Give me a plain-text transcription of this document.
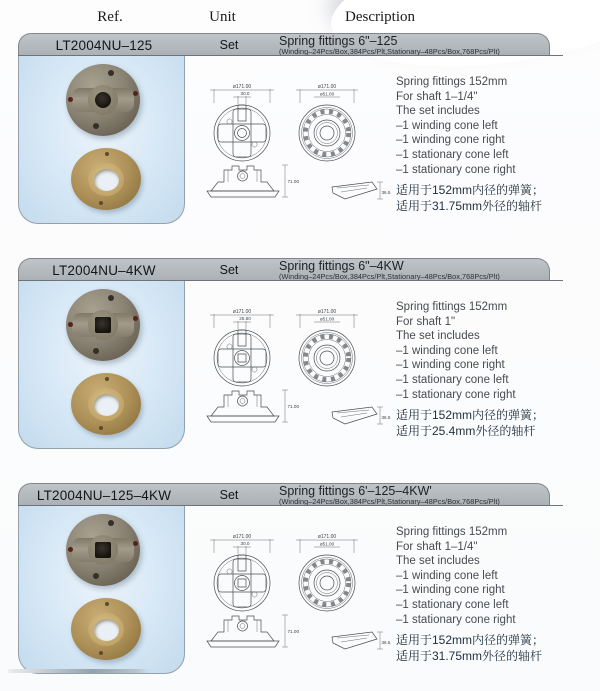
Ref.	Unit	Description
LT2004NU–125	Set	Spring fittings 6"–125
(Winding–24Pcs/Box,384Pcs/Plt,Stationary–48Pcs/Box,768Pcs/Plt)
ø171.00
30.0
ø171.00
ø51.00
71.00
36.5
Spring fittings 152mm
For shaft 1–1/4"
The set includes
–1 winding cone left
–1 winding cone right
–1 stationary cone left
–1 stationary cone right
适用于152mm内径的弹簧；
适用于31.75mm外径的轴杆
LT2004NU–4KW	Set	Spring fittings 6"–4KW
(Winding–24Pcs/Box,384Pcs/Plt,Stationary–48Pcs/Box,768Pcs/Plt)
ø171.00
25.80
ø171.00
ø51.00
71.00
36.5
Spring fittings 152mm
For shaft 1"
The set includes
–1 winding cone left
–1 winding cone right
–1 stationary cone left
–1 stationary cone right
适用于152mm内径的弹簧；
适用于25.4mm外径的轴杆
LT2004NU–125–4KW	Set	Spring fittings 6'–125–4KW'
(Winding–24Pcs/Box,384Pcs/Plt,Stationary–48Pcs/Box,768Pcs/Plt)
ø171.00
30.0
ø171.00
ø51.00
71.00
36.5
Spring fittings 152mm
For shaft 1–1/4"
The set includes
–1 winding cone left
–1 winding cone right
–1 stationary cone left
–1 stationary cone right
适用于152mm内径的弹簧；
适用于31.75mm外径的轴杆
